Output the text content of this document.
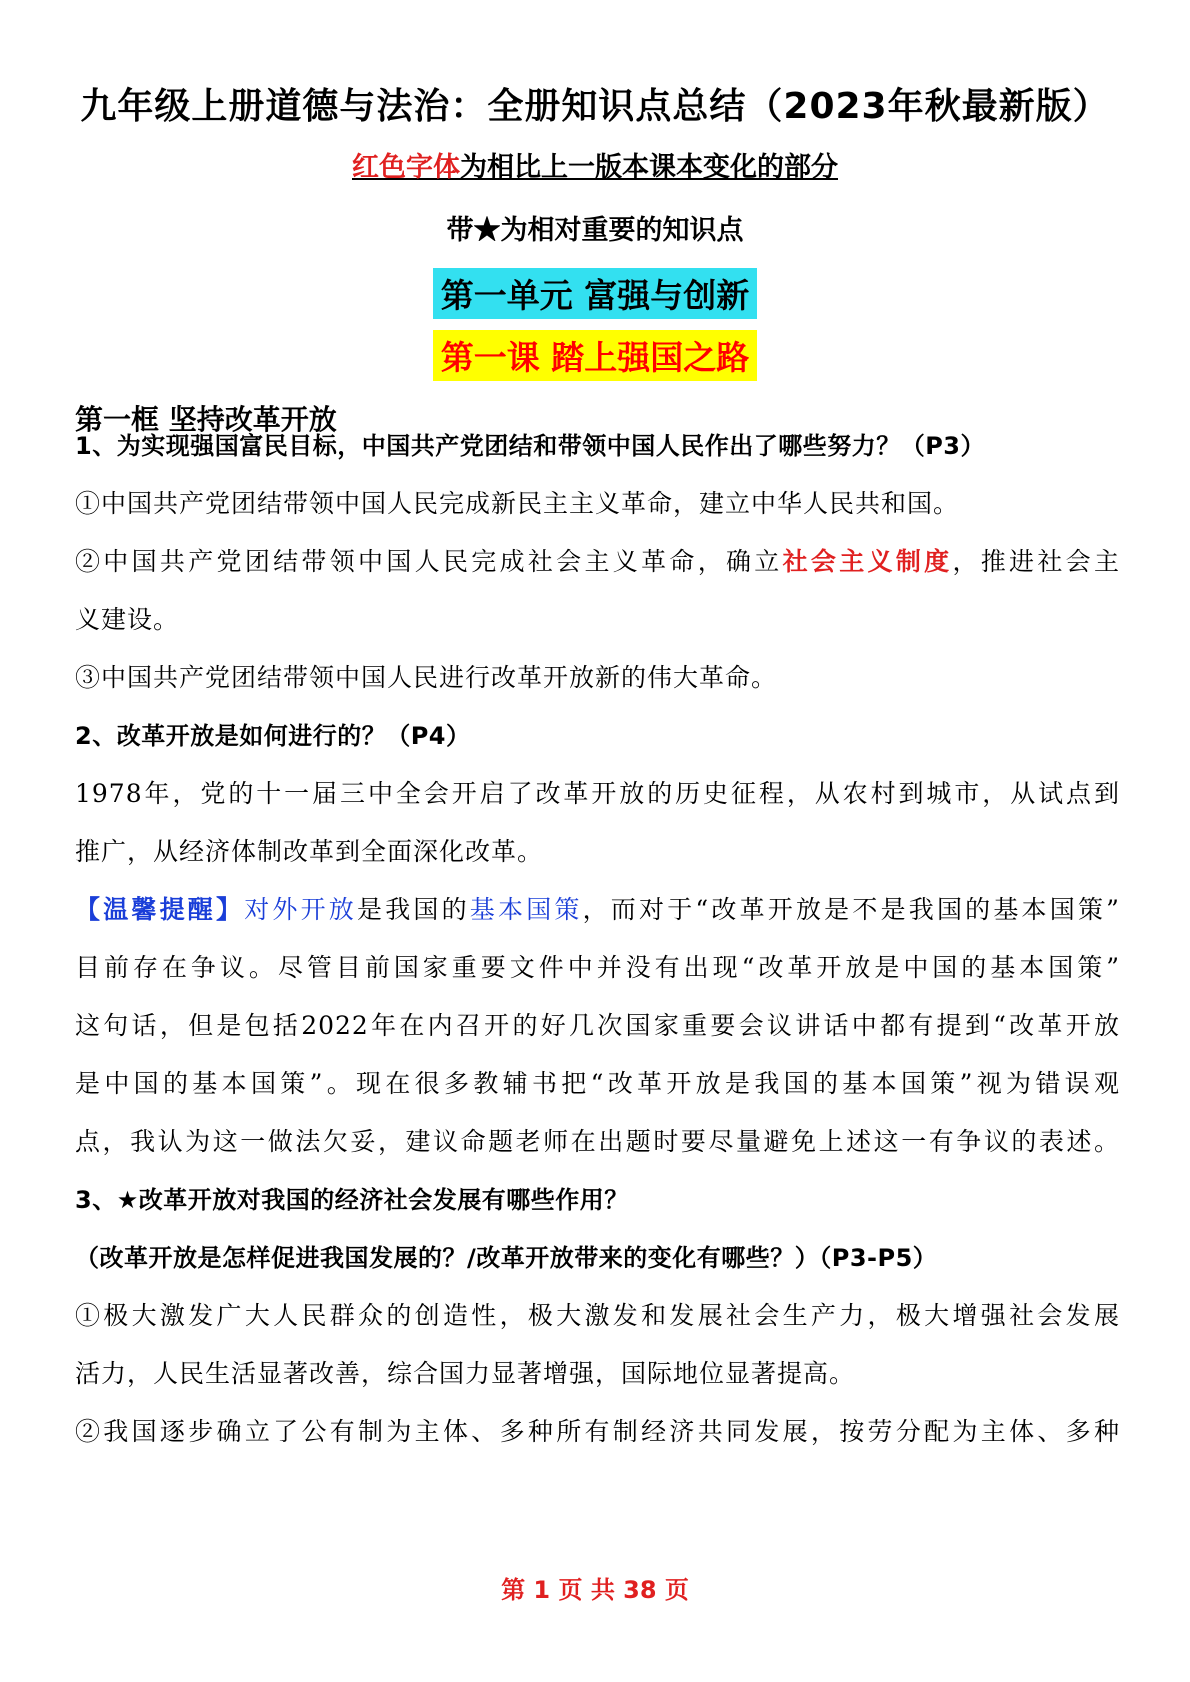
九年级上册道德与法治：全册知识点总结（2023年秋最新版）
红色字体为相比上一版本课本变化的部分
带★为相对重要的知识点
第一单元 富强与创新
第一课 踏上强国之路
第一框 坚持改革开放
1、为实现强国富民目标，中国共产党团结和带领中国人民作出了哪些努力？（P3）
①中国共产党团结带领中国人民完成新民主主义革命，建立中华人民共和国。
②中国共产党团结带领中国人民完成社会主义革命，确立社会主义制度，推进社会主
义建设。
③中国共产党团结带领中国人民进行改革开放新的伟大革命。
2、改革开放是如何进行的？（P4）
1978年，党的十一届三中全会开启了改革开放的历史征程，从农村到城市，从试点到
推广，从经济体制改革到全面深化改革。
【温馨提醒】对外开放是我国的基本国策，而对于“改革开放是不是我国的基本国策”
目前存在争议。尽管目前国家重要文件中并没有出现“改革开放是中国的基本国策”
这句话，但是包括2022年在内召开的好几次国家重要会议讲话中都有提到“改革开放
是中国的基本国策”。现在很多教辅书把“改革开放是我国的基本国策”视为错误观
点，我认为这一做法欠妥，建议命题老师在出题时要尽量避免上述这一有争议的表述。
3、★改革开放对我国的经济社会发展有哪些作用？
（改革开放是怎样促进我国发展的？/改革开放带来的变化有哪些？）（P3-P5）
①极大激发广大人民群众的创造性，极大激发和发展社会生产力，极大增强社会发展
活力，人民生活显著改善，综合国力显著增强，国际地位显著提高。
②我国逐步确立了公有制为主体、多种所有制经济共同发展，按劳分配为主体、多种
第 1 页 共 38 页
